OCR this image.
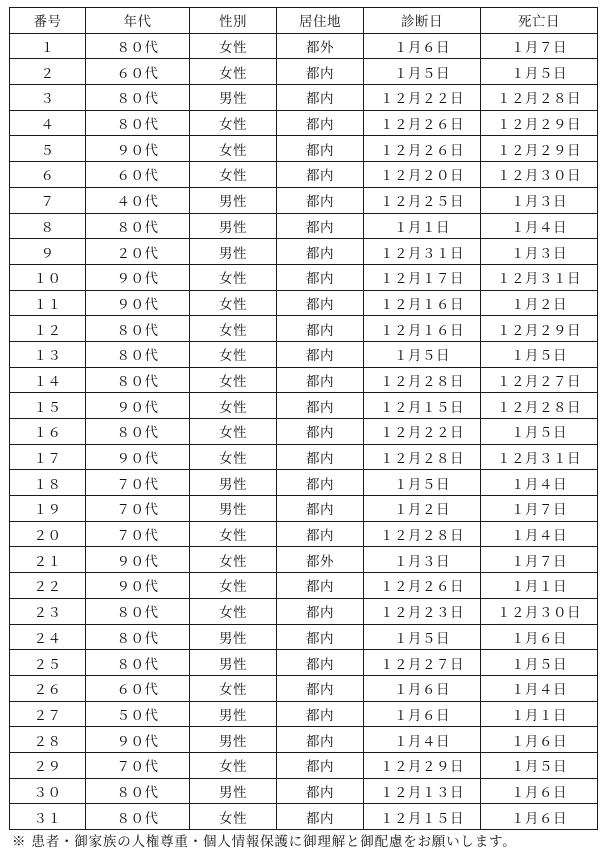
番号	年代	性別	居住地	診断日	死亡日
１	８０代	女性	都外	１月６日	１月７日
２	６０代	女性	都内	１月５日	１月５日
３	８０代	男性	都内	１２月２２日	１２月２８日
４	８０代	女性	都内	１２月２６日	１２月２９日
５	９０代	女性	都内	１２月２６日	１２月２９日
６	６０代	女性	都内	１２月２０日	１２月３０日
７	４０代	男性	都内	１２月２５日	１月３日
８	８０代	男性	都内	１月１日	１月４日
９	２０代	男性	都内	１２月３１日	１月３日
１０	９０代	女性	都内	１２月１７日	１２月３１日
１１	９０代	女性	都内	１２月１６日	１月２日
１２	８０代	女性	都内	１２月１６日	１２月２９日
１３	８０代	女性	都内	１月５日	１月５日
１４	８０代	女性	都内	１２月２８日	１２月２７日
１５	９０代	女性	都内	１２月１５日	１２月２８日
１６	８０代	女性	都内	１２月２２日	１月５日
１７	９０代	女性	都内	１２月２８日	１２月３１日
１８	７０代	男性	都内	１月５日	１月４日
１９	７０代	男性	都内	１月２日	１月７日
２０	７０代	女性	都内	１２月２８日	１月４日
２１	９０代	女性	都外	１月３日	１月７日
２２	９０代	女性	都内	１２月２６日	１月１日
２３	８０代	女性	都内	１２月２３日	１２月３０日
２４	８０代	男性	都内	１月５日	１月６日
２５	８０代	男性	都内	１２月２７日	１月５日
２６	６０代	女性	都内	１月６日	１月４日
２７	５０代	男性	都内	１月６日	１月１日
２８	９０代	男性	都内	１月４日	１月６日
２９	７０代	女性	都内	１２月２９日	１月５日
３０	８０代	男性	都内	１２月１３日	１月６日
３１	８０代	女性	都内	１２月１５日	１月６日
※ 患者・御家族の人権尊重・個人情報保護に御理解と御配慮をお願いします。
